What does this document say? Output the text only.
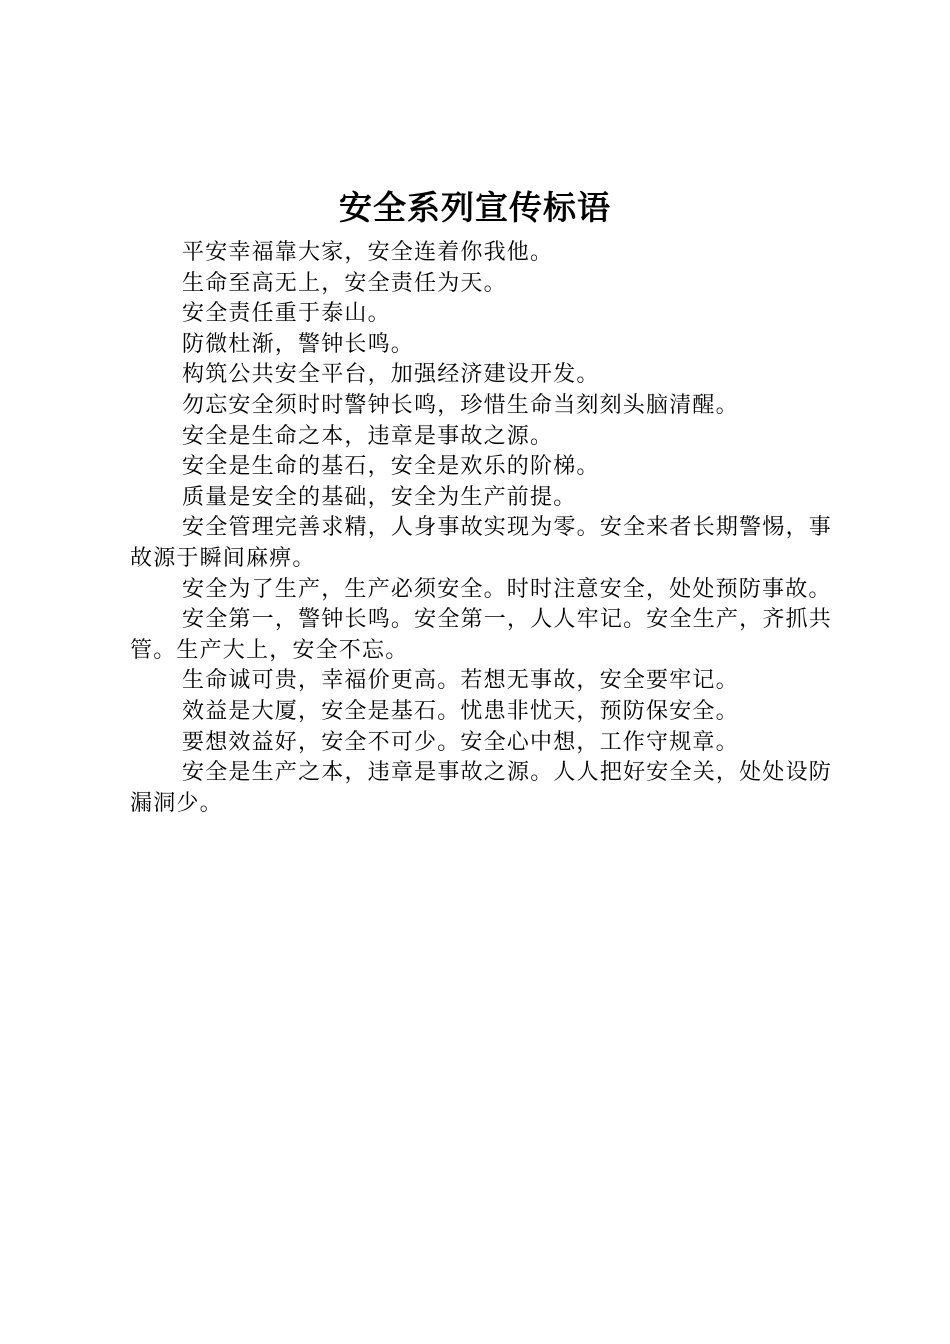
安全系列宣传标语

平安幸福靠大家，安全连着你我他。

生命至高无上，安全责任为天。

安全责任重于泰山。

防微杜渐，警钟长鸣。

构筑公共安全平台，加强经济建设开发。

勿忘安全须时时警钟长鸣，珍惜生命当刻刻头脑清醒。

安全是生命之本，违章是事故之源。

安全是生命的基石，安全是欢乐的阶梯。

质量是安全的基础，安全为生产前提。

安全管理完善求精，人身事故实现为零。安全来者长期警惕，事故源于瞬间麻痹。

安全为了生产，生产必须安全。时时注意安全，处处预防事故。

安全第一，警钟长鸣。安全第一，人人牢记。安全生产，齐抓共管。生产大上，安全不忘。

生命诚可贵，幸福价更高。若想无事故，安全要牢记。

效益是大厦，安全是基石。忧患非忧天，预防保安全。

要想效益好，安全不可少。安全心中想，工作守规章。

安全是生产之本，违章是事故之源。人人把好安全关，处处设防漏洞少。
